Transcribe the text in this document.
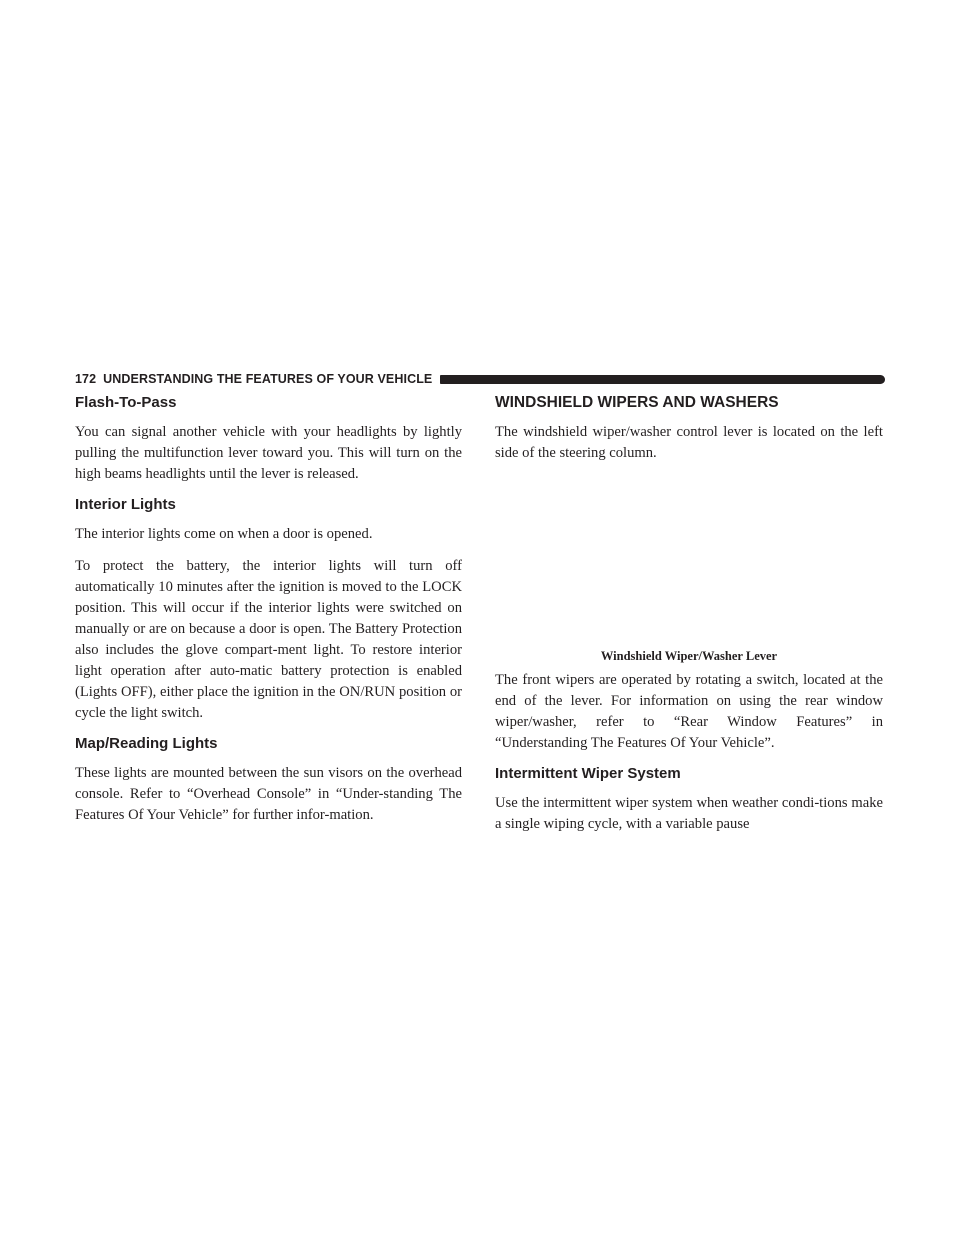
172 UNDERSTANDING THE FEATURES OF YOUR VEHICLE
Flash-To-Pass

You can signal another vehicle with your headlights by lightly pulling the multifunction lever toward you. This will turn on the high beams headlights until the lever is released.

Interior Lights

The interior lights come on when a door is opened.

To protect the battery, the interior lights will turn off automatically 10 minutes after the ignition is moved to the LOCK position. This will occur if the interior lights were switched on manually or are on because a door is open. The Battery Protection also includes the glove compart-ment light. To restore interior light operation after auto-matic battery protection is enabled (Lights OFF), either place the ignition in the ON/RUN position or cycle the light switch.

Map/Reading Lights

These lights are mounted between the sun visors on the overhead console. Refer to “Overhead Console” in “Under-standing The Features Of Your Vehicle” for further infor-mation.

WINDSHIELD WIPERS AND WASHERS

The windshield wiper/washer control lever is located on the left side of the steering column.

Windshield Wiper/Washer Lever

The front wipers are operated by rotating a switch, located at the end of the lever. For information on using the rear window wiper/washer, refer to “Rear Window Features” in “Understanding The Features Of Your Vehicle”.

Intermittent Wiper System

Use the intermittent wiper system when weather condi-tions make a single wiping cycle, with a variable pause
